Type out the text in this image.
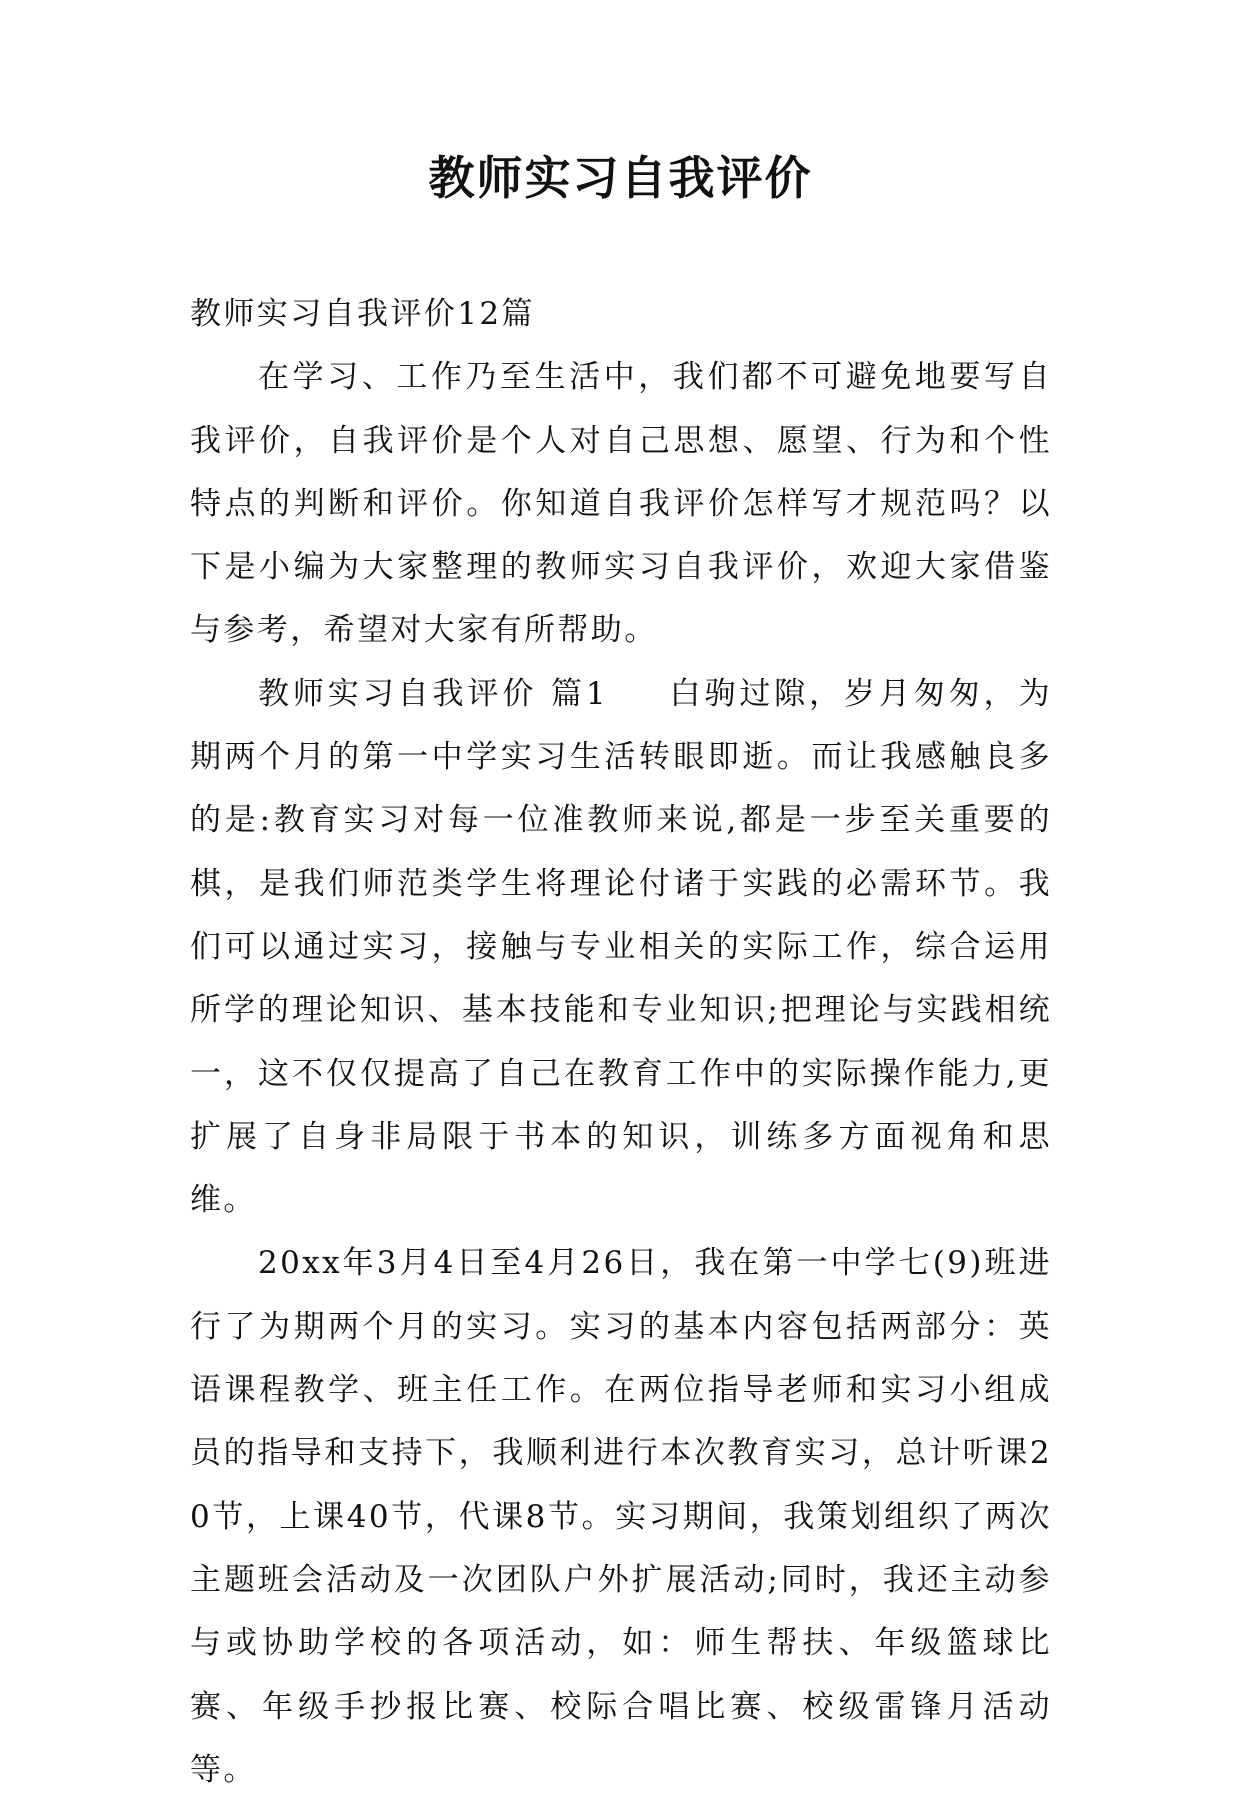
教师实习自我评价

教师实习自我评价12篇

在学习、工作乃至生活中，我们都不可避免地要写自我评价，自我评价是个人对自己思想、愿望、行为和个性特点的判断和评价。你知道自我评价怎样写才规范吗？以下是小编为大家整理的教师实习自我评价，欢迎大家借鉴与参考，希望对大家有所帮助。

教师实习自我评价 篇1 白驹过隙，岁月匆匆，为期两个月的第一中学实习生活转眼即逝。而让我感触良多的是:教育实习对每一位准教师来说,都是一步至关重要的棋，是我们师范类学生将理论付诸于实践的必需环节。我们可以通过实习，接触与专业相关的实际工作，综合运用所学的理论知识、基本技能和专业知识;把理论与实践相统一，这不仅仅提高了自己在教育工作中的实际操作能力,更扩展了自身非局限于书本的知识，训练多方面视角和思维。

20xx年3月4日至4月26日，我在第一中学七(9)班进行了为期两个月的实习。实习的基本内容包括两部分：英语课程教学、班主任工作。在两位指导老师和实习小组成员的指导和支持下，我顺利进行本次教育实习，总计听课20节，上课40节，代课8节。实习期间，我策划组织了两次主题班会活动及一次团队户外扩展活动;同时，我还主动参与或协助学校的各项活动，如：师生帮扶、年级篮球比赛、年级手抄报比赛、校际合唱比赛、校级雷锋月活动等。
